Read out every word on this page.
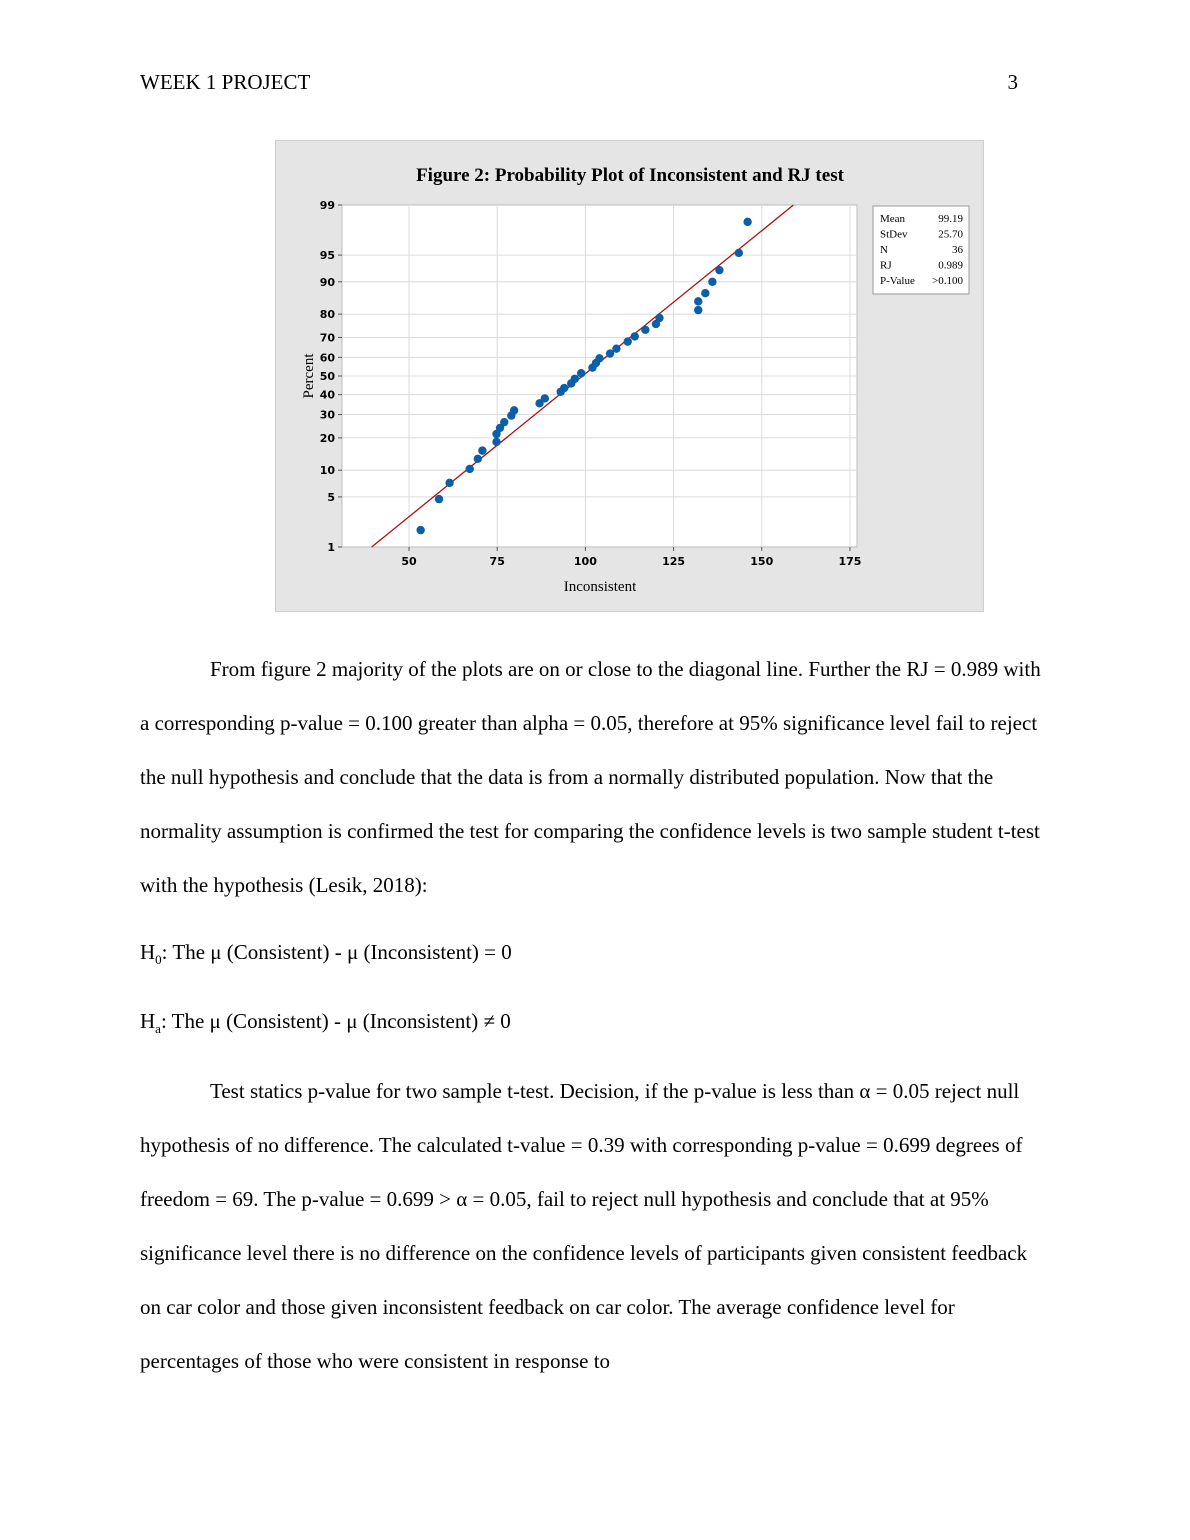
WEEK 1 PROJECT	3
Figure 2: Probability Plot of Inconsistent and RJ test
1
5
10
20
30
40
50
60
70
80
90
95
99
50	75	100	125	150	175
Inconsistent
Percent
Mean	99.19
StDev	25.70
N	36
RJ	0.989
P-Value >0.100
From figure 2 majority of the plots are on or close to the diagonal line. Further the RJ = 0.989 with a corresponding p-value = 0.100 greater than alpha = 0.05, therefore at 95% significance level fail to reject the null hypothesis and conclude that the data is from a normally distributed population. Now that the normality assumption is confirmed the test for comparing the confidence levels is two sample student t-test with the hypothesis (Lesik, 2018):
$H_0$: The μ (Consistent) - μ (Inconsistent) = 0
$H_a$: The μ (Consistent) - μ (Inconsistent) ≠ 0
Test statics p-value for two sample t-test. Decision, if the p-value is less than α = 0.05 reject null hypothesis of no difference. The calculated t-value = 0.39 with corresponding p-value = 0.699 degrees of freedom = 69. The p-value = 0.699 > α = 0.05, fail to reject null hypothesis and conclude that at 95% significance level there is no difference on the confidence levels of participants given consistent feedback on car color and those given inconsistent feedback on car color. The average confidence level for percentages of those who were consistent in response to
